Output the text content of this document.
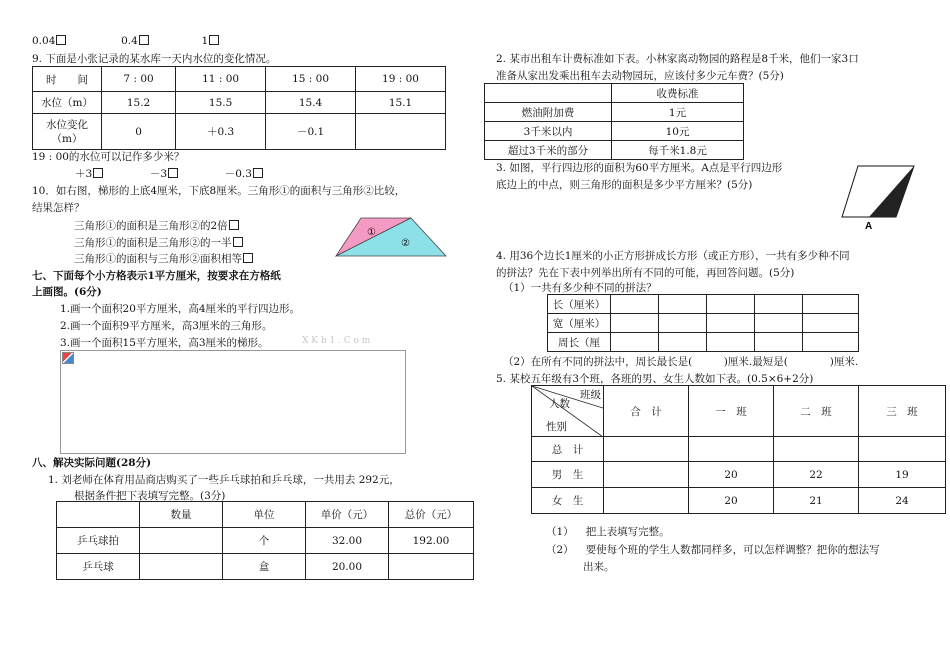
0.04	0.4	1
9. 下面是小张记录的某水库一天内水位的变化情况。
时　　间	7 : 00	11 : 00	15 : 00	19 : 00
水位（m）	15.2	15.5	15.4	15.1

水位变化
（m）	0	＋0.3	－0.1	
19 : 00的水位可以记作多少米？
＋3	－3	－0.3
10．如右图，梯形的上底4厘米，下底8厘米。三角形①的面积与三角形②比较，
结果怎样？
三角形①的面积是三角形②的2倍
三角形①的面积是三角形②的一半
三角形①的面积与三角形②面积相等
①
②
七、下面每个小方格表示1平方厘米，按要求在方格纸
上画图。(6分)
1.画一个面积20平方厘米，高4厘米的平行四边形。
2.画一个面积9平方厘米，高3厘米的三角形。
3.画一个面积15平方厘米，高3厘米的梯形。	X K b 1 . C o m
八、解决实际问题(28分)
1. 刘老师在体育用品商店购买了一些乒乓球拍和乒乓球，一共用去 292元，
根据条件把下表填写完整。(3分)
	数量	单位	单价（元）	总价（元）
乒乓球拍		个	32.00	192.00
乒乓球		盒	20.00	
2. 某市出租车计费标准如下表。小林家离动物园的路程是8千米，他们一家3口
准备从家出发乘出租车去动物园玩，应该付多少元车费？(5分)
	收费标准
燃油附加费	1元
3千米以内	10元
超过3千米的部分	每千米1.8元
3. 如图，平行四边形的面积为60平方厘米。A点是平行四边形
底边上的中点，则三角形的面积是多少平方厘米？(5分)
A
4. 用36个边长1厘米的小正方形拼成长方形（或正方形），一共有多少种不同
的拼法？先在下表中列举出所有不同的可能，再回答问题。(5分)
（1）一共有多少种不同的拼法？
长（厘米）					
宽（厘米）					
周长（厘					
（2）在所有不同的拼法中，周长最长是(　　　)厘米.最短是(　　　　)厘米.
5. 某校五年级有3个班，各班的男、女生人数如下表。(0.5×6+2分)
班级
人数
性别	合　计	一　班	二　班	三　班
总　计				
男　生		20	22	19
女　生		20	21	24
（1） 把上表填写完整。
（2） 要使每个班的学生人数都同样多，可以怎样调整？把你的想法写
出来。
